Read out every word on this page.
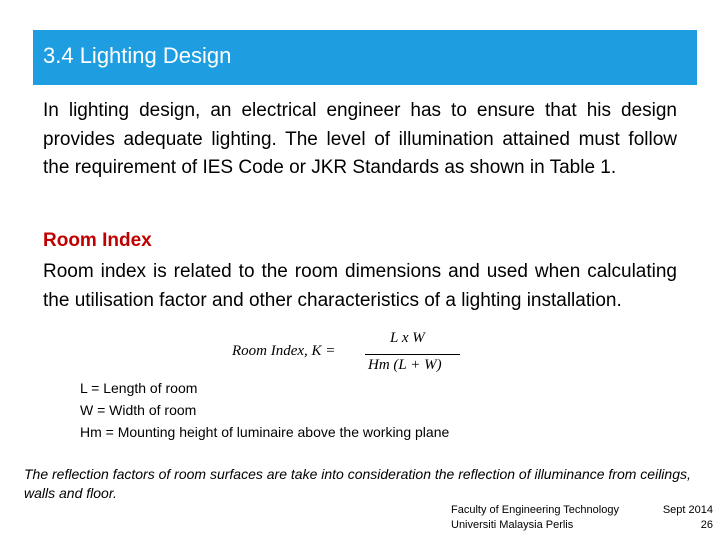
3.4 Lighting Design
In lighting design, an electrical engineer has to ensure that his design provides adequate lighting. The level of illumination attained must follow the requirement of IES Code or JKR Standards as shown in Table 1.
Room Index
Room index is related to the room dimensions and used when calculating the utilisation factor and other characteristics of a lighting installation.
Room Index, K =
L x W
Hm (L + W)
L = Length of room
W = Width of room
Hm = Mounting height of luminaire above the working plane
The reflection factors of room surfaces are take into consideration the reflection of illuminance from ceilings, walls and floor.
Faculty of Engineering Technology	Sept 2014
Universiti Malaysia Perlis	26
